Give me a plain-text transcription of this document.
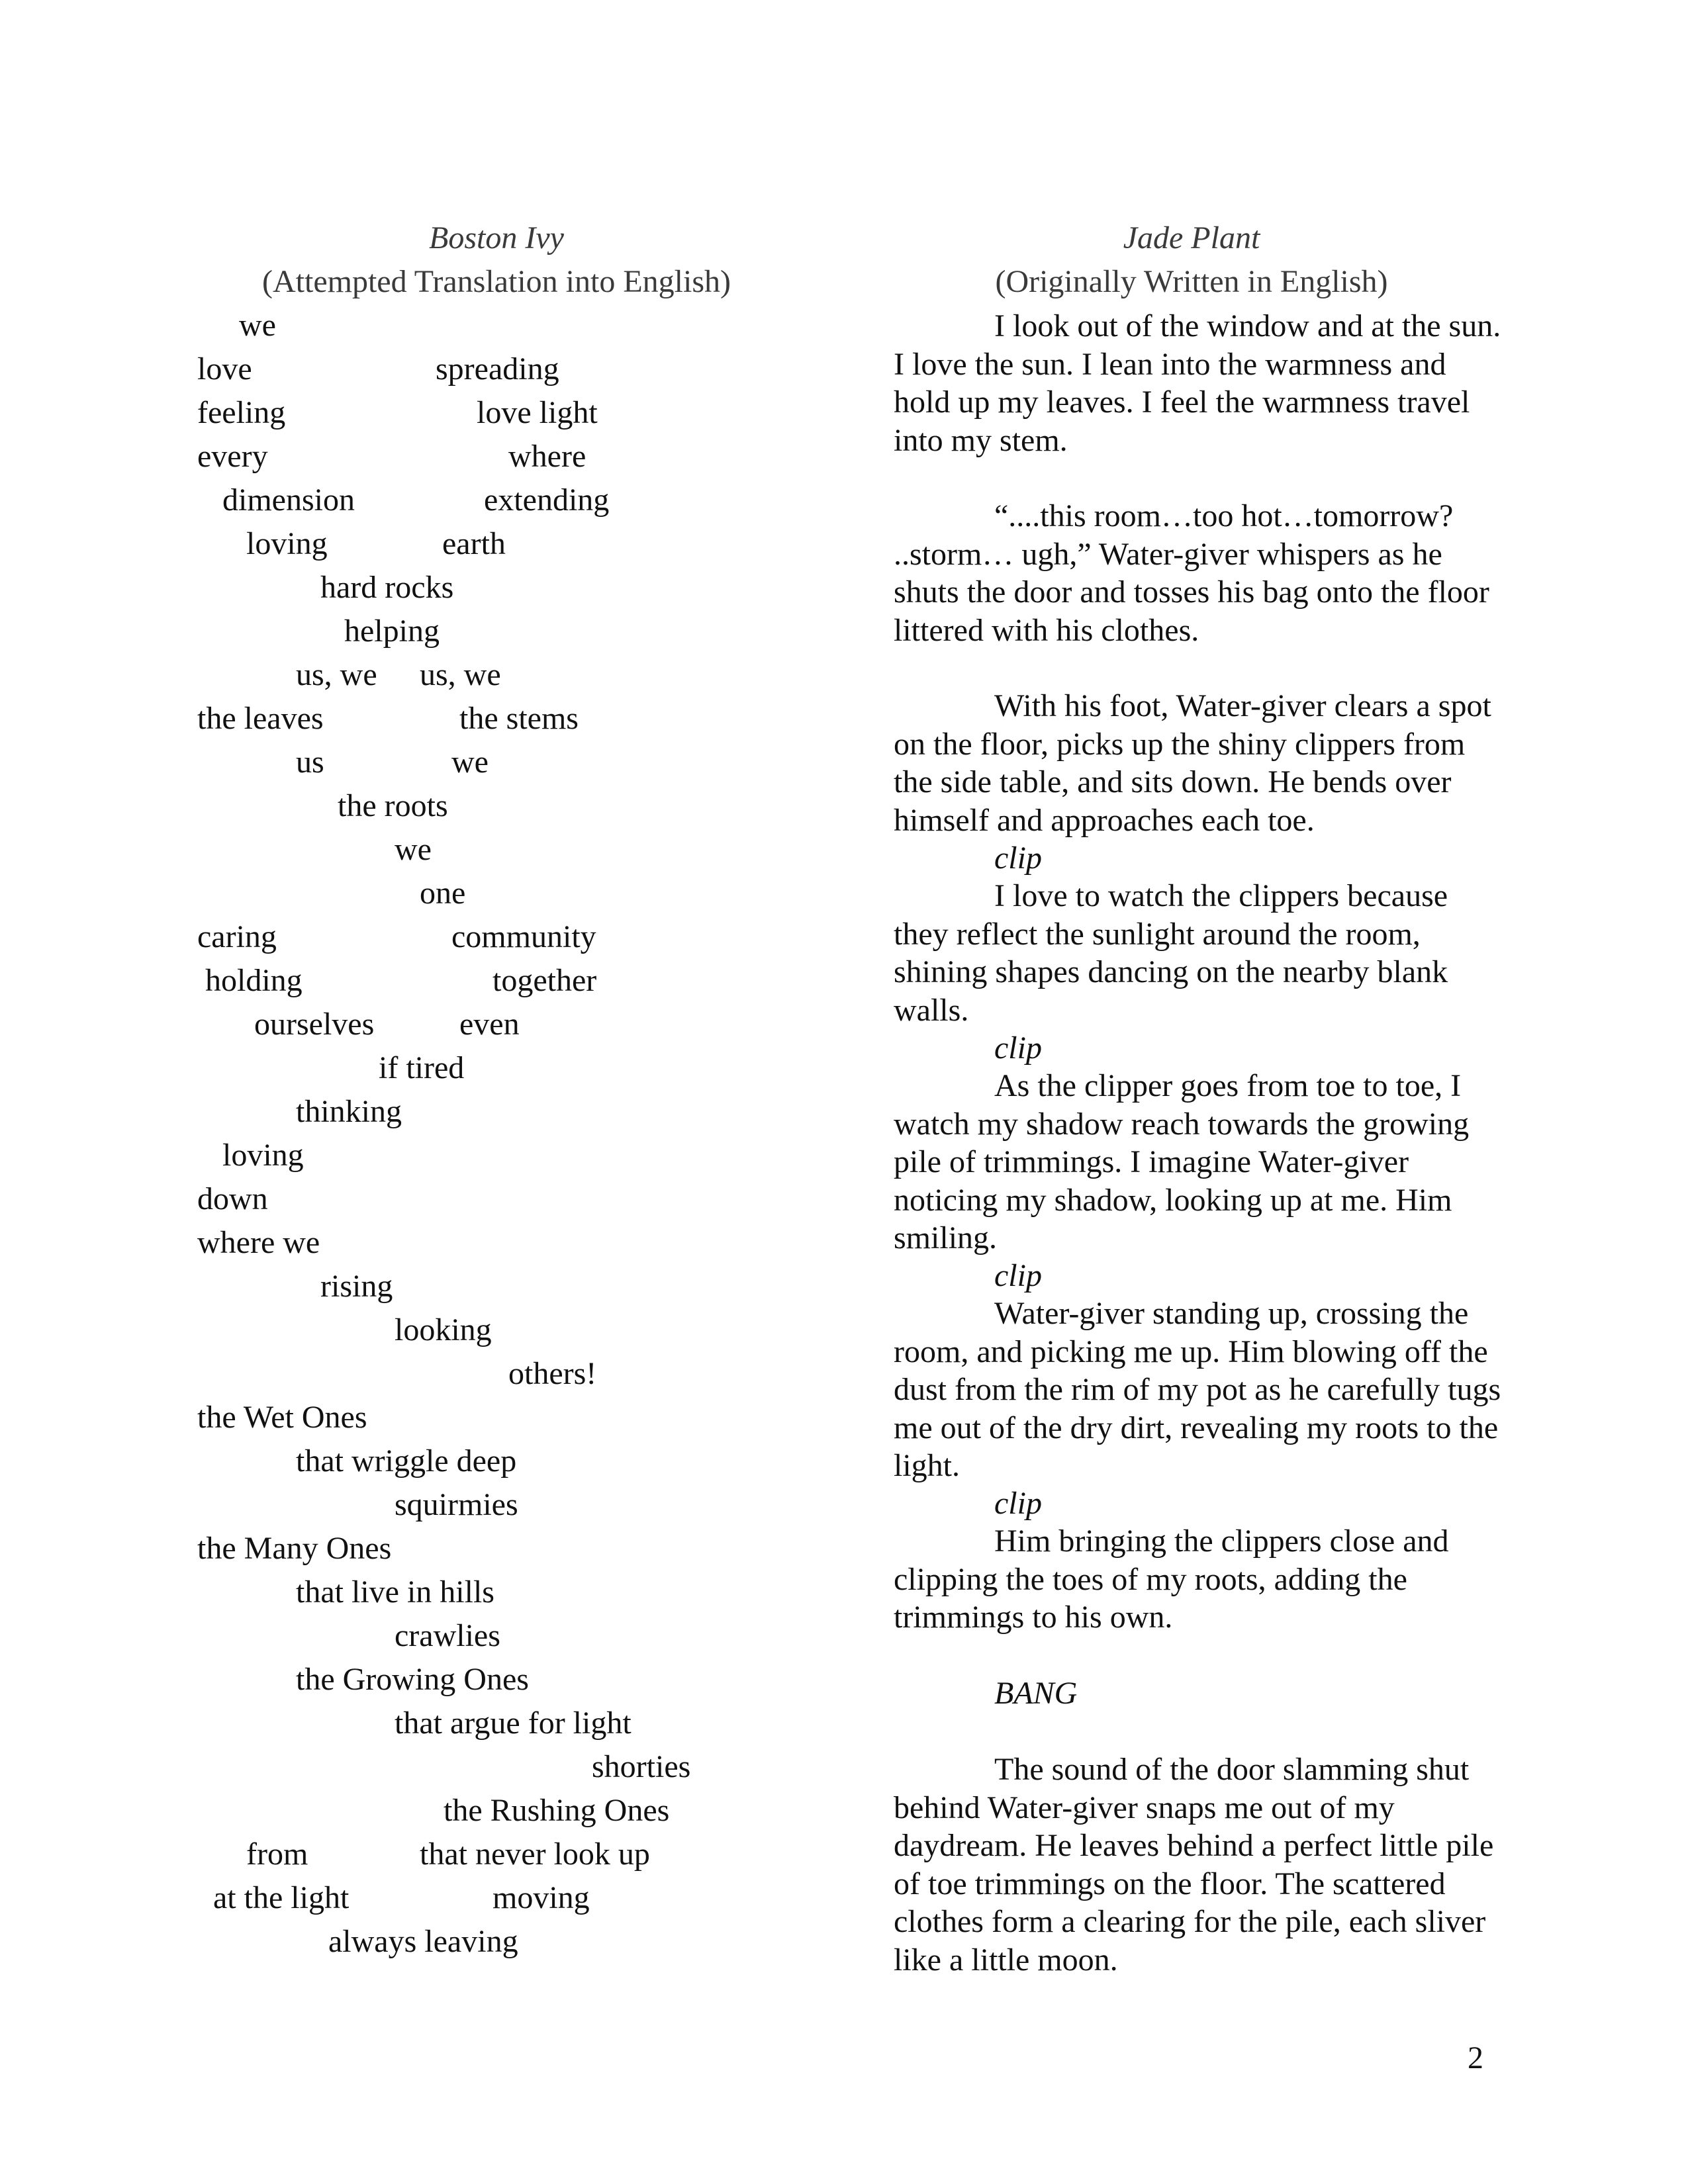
Boston Ivy

(Attempted Translation into English)

we
love	spreading
feeling	love light
every	where
dimension	extending
loving	earth
hard rocks
helping
us, we us, we
the leaves	the stems
us	we
the roots
we
one
caring	community
holding	together
ourselves	even
if tired
thinking
loving
down
where we
rising
looking
others!
the Wet Ones
that wriggle deep
squirmies
the Many Ones
that live in hills
crawlies
the Growing Ones
that argue for light
shorties
the Rushing Ones
from	that never look up
at the light	moving
always leaving
Jade Plant

(Originally Written in English)

I look out of the window and at the sun. I love the sun. I lean into the warmness and hold up my leaves. I feel the warmness travel into my stem.

“....this room…too hot…tomorrow? ..storm… ugh,” Water-giver whispers as he shuts the door and tosses his bag onto the floor littered with his clothes.

With his foot, Water-giver clears a spot on the floor, picks up the shiny clippers from the side table, and sits down. He bends over himself and approaches each toe.

clip

I love to watch the clippers because they reflect the sunlight around the room, shining shapes dancing on the nearby blank walls.

clip

As the clipper goes from toe to toe, I watch my shadow reach towards the growing pile of trimmings. I imagine Water-giver noticing my shadow, looking up at me. Him smiling.

clip

Water-giver standing up, crossing the room, and picking me up. Him blowing off the dust from the rim of my pot as he carefully tugs me out of the dry dirt, revealing my roots to the light.

clip

Him bringing the clippers close and clipping the toes of my roots, adding the trimmings to his own.

BANG

The sound of the door slamming shut behind Water-giver snaps me out of my daydream. He leaves behind a perfect little pile of toe trimmings on the floor. The scattered clothes form a clearing for the pile, each sliver like a little moon.

2
